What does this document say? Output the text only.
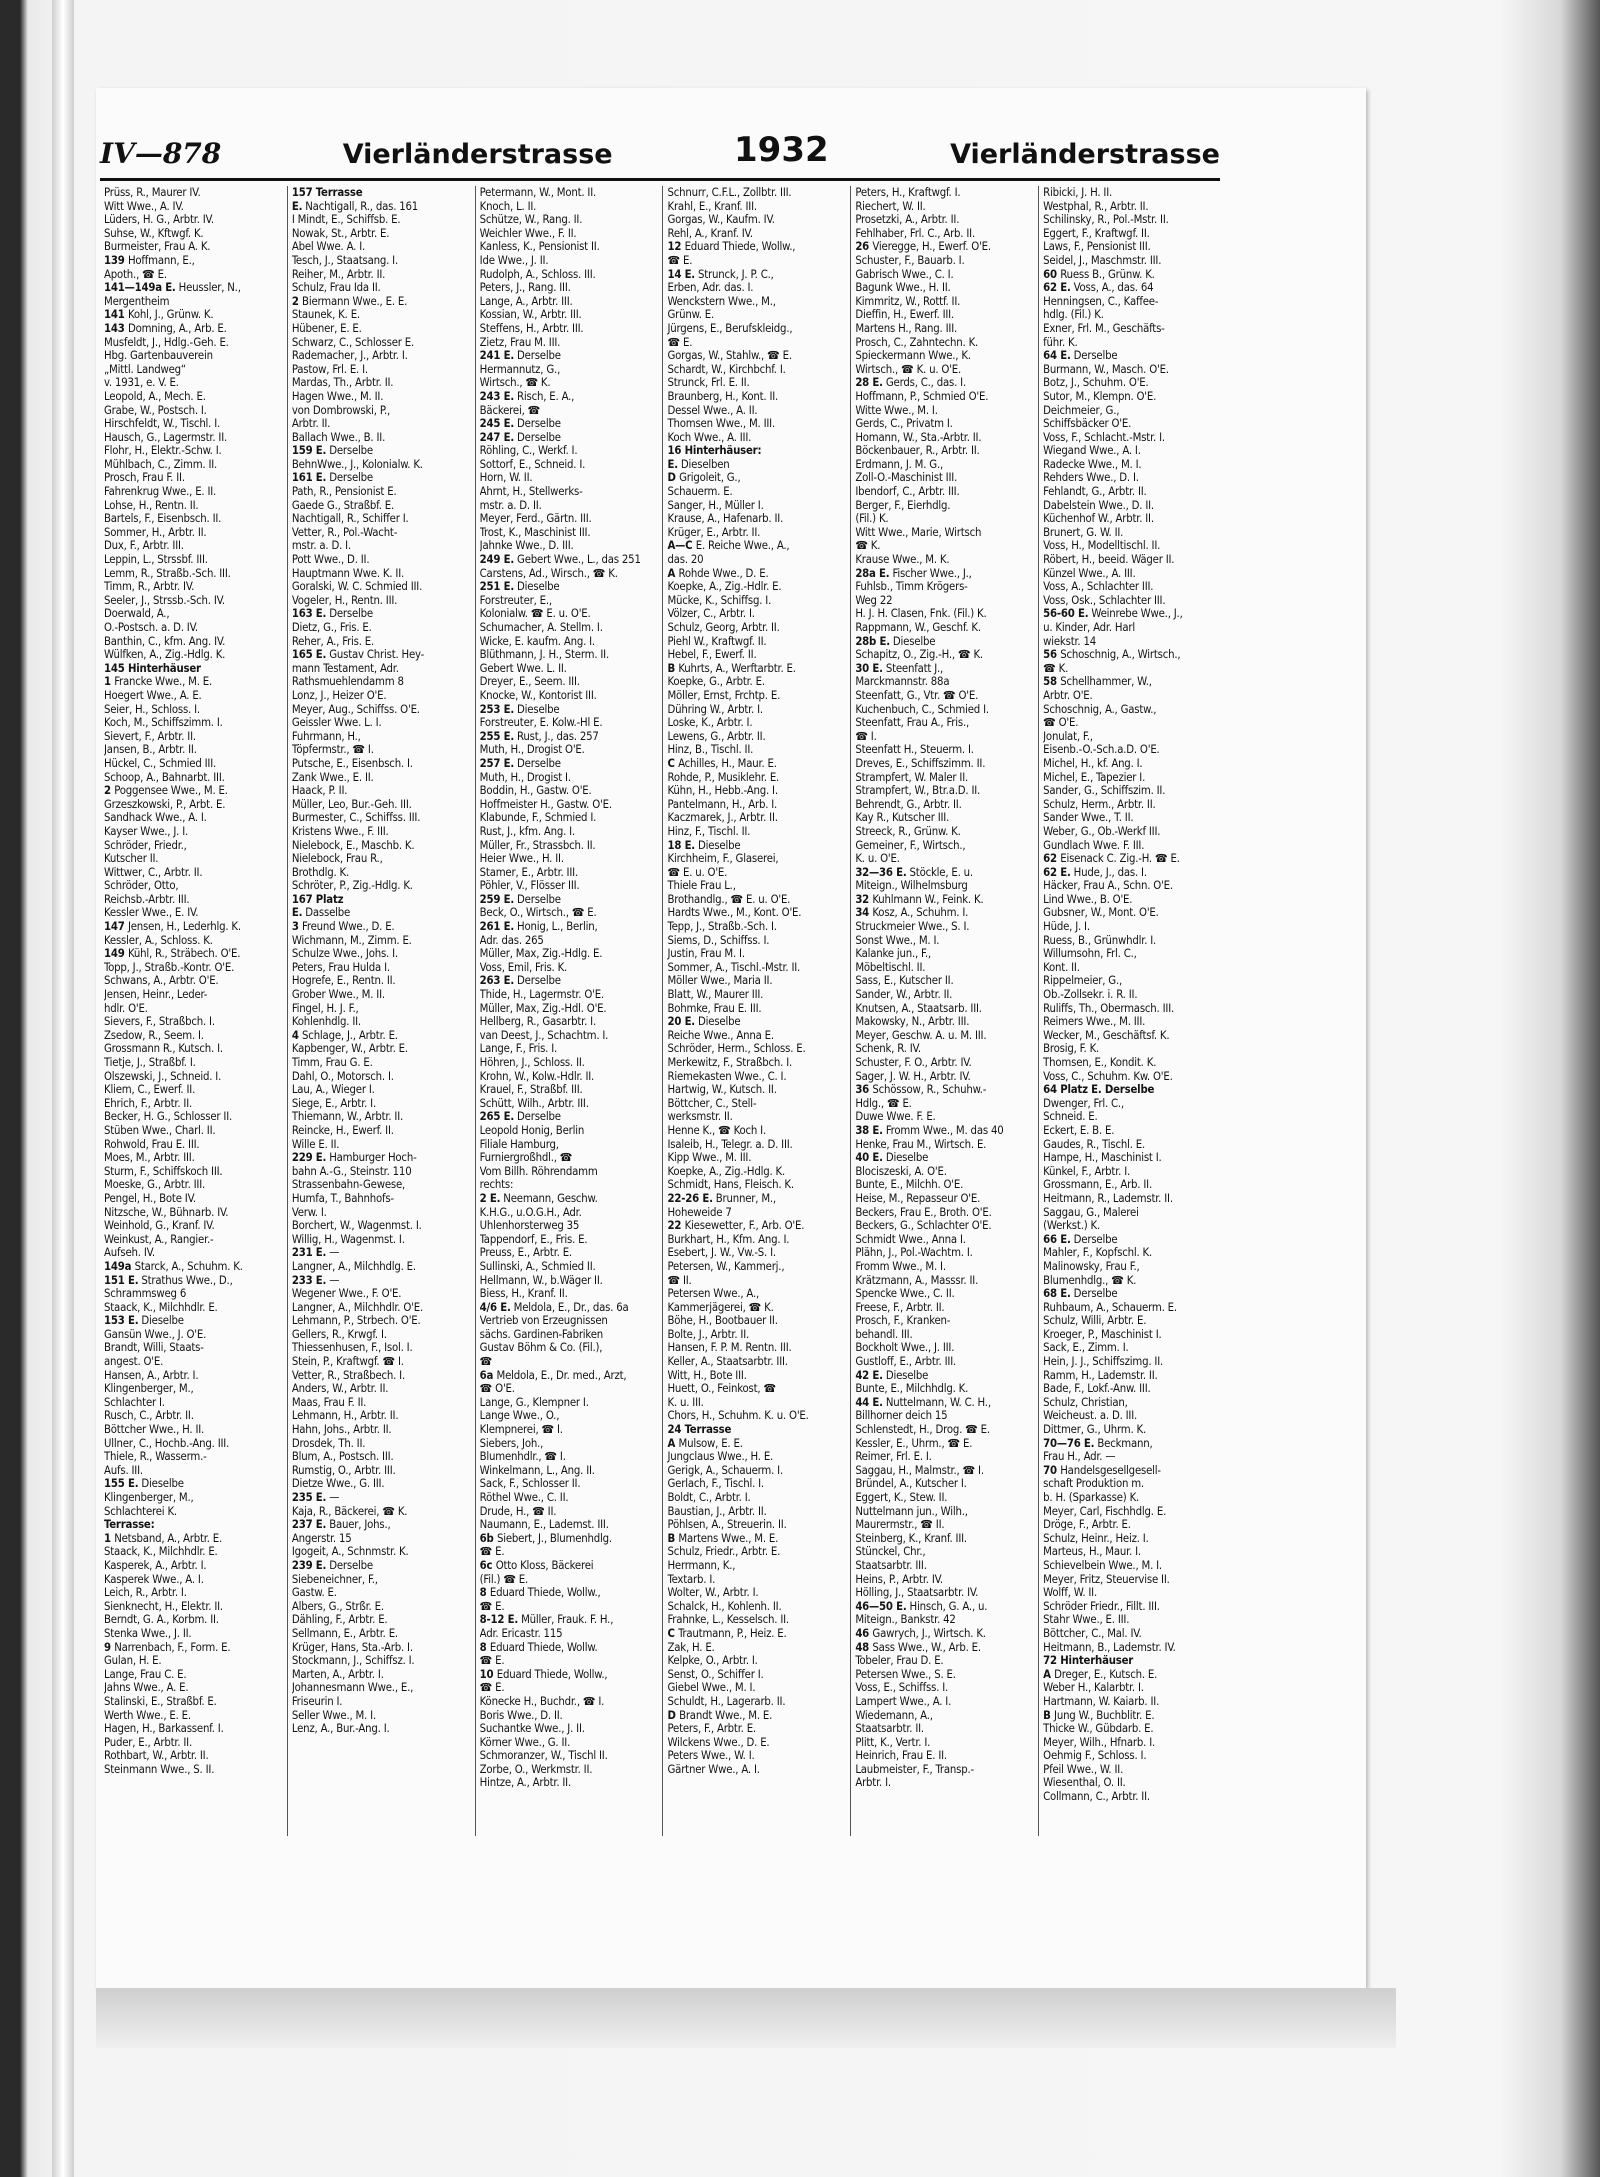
IV—878	Vierländerstrasse	1932	Vierländerstrasse
Prüss, R., Maurer IV.
Witt Wwe., A. IV.
Lüders, H. G., Arbtr. IV.
Suhse, W., Kftwgf. K.
Burmeister, Frau A. K.
139 Hoffmann, E.,
Apoth., ☎ E.
141—149a E. Heussler, N.,
Mergentheim
141 Kohl, J., Grünw. K.
143 Domning, A., Arb. E.
Musfeldt, J., Hdlg.-Geh. E.
Hbg. Gartenbauverein
„Mittl. Landweg“
v. 1931, e. V. E.
Leopold, A., Mech. E.
Grabe, W., Postsch. I.
Hirschfeldt, W., Tischl. I.
Hausch, G., Lagermstr. II.
Flohr, H., Elektr.-Schw. I.
Mühlbach, C., Zimm. II.
Prosch, Frau F. II.
Fahrenkrug Wwe., E. II.
Lohse, H., Rentn. II.
Bartels, F., Eisenbsch. II.
Sommer, H., Arbtr. II.
Dux, F., Arbtr. III.
Leppin, L., Strssbf. III.
Lemm, R., Straßb.-Sch. III.
Timm, R., Arbtr. IV.
Seeler, J., Strssb.-Sch. IV.
Doerwald, A.,
O.-Postsch. a. D. IV.
Banthin, C., kfm. Ang. IV.
Wülfken, A., Zig.-Hdlg. K.
145 Hinterhäuser
1 Francke Wwe., M. E.
Hoegert Wwe., A. E.
Seier, H., Schloss. I.
Koch, M., Schiffszimm. I.
Sievert, F., Arbtr. II.
Jansen, B., Arbtr. II.
Hückel, C., Schmied III.
Schoop, A., Bahnarbt. III.
2 Poggensee Wwe., M. E.
Grzeszkowski, P., Arbt. E.
Sandhack Wwe., A. I.
Kayser Wwe., J. I.
Schröder, Friedr.,
Kutscher II.
Wittwer, C., Arbtr. II.
Schröder, Otto,
Reichsb.-Arbtr. III.
Kessler Wwe., E. IV.
147 Jensen, H., Lederhlg. K.
Kessler, A., Schloss. K.
149 Kühl, R., Sträbech. O'E.
Topp, J., Straßb.-Kontr. O'E.
Schwans, A., Arbtr. O'E.
Jensen, Heinr., Leder-
hdlr. O'E.
Sievers, F., Straßbch. I.
Zsedow, R., Seem. I.
Grossmann R., Kutsch. I.
Tietje, J., Straßbf. I.
Olszewski, J., Schneid. I.
Kliem, C., Ewerf. II.
Ehrich, F., Arbtr. II.
Becker, H. G., Schlosser II.
Stüben Wwe., Charl. II.
Rohwold, Frau E. III.
Moes, M., Arbtr. III.
Sturm, F., Schiffskoch III.
Moeske, G., Arbtr. III.
Pengel, H., Bote IV.
Nitzsche, W., Bühnarb. IV.
Weinhold, G., Kranf. IV.
Weinkust, A., Rangier.-
Aufseh. IV.
149a Starck, A., Schuhm. K.
151 E. Strathus Wwe., D.,
Schrammsweg 6
Staack, K., Milchhdlr. E.
153 E. Dieselbe
Gansün Wwe., J. O'E.
Brandt, Willi, Staats-
angest. O'E.
Hansen, A., Arbtr. I.
Klingenberger, M.,
Schlachter I.
Rusch, C., Arbtr. II.
Böttcher Wwe., H. II.
Ullner, C., Hochb.-Ang. III.
Thiele, R., Wasserm.-
Aufs. III.
155 E. Dieselbe
Klingenberger, M.,
Schlachterei K.
Terrasse:
1 Netsband, A., Arbtr. E.
Staack, K., Milchhdlr. E.
Kasperek, A., Arbtr. I.
Kasperek Wwe., A. I.
Leich, R., Arbtr. I.
Sienknecht, H., Elektr. II.
Berndt, G. A., Korbm. II.
Stenka Wwe., J. II.
9 Narrenbach, F., Form. E.
Gulan, H. E.
Lange, Frau C. E.
Jahns Wwe., A. E.
Stalinski, E., Straßbf. E.
Werth Wwe., E. E.
Hagen, H., Barkassenf. I.
Puder, E., Arbtr. II.
Rothbart, W., Arbtr. II.
Steinmann Wwe., S. II.
157 Terrasse
E. Nachtigall, R., das. 161
I Mindt, E., Schiffsb. E.
Nowak, St., Arbtr. E.
Abel Wwe. A. I.
Tesch, J., Staatsang. I.
Reiher, M., Arbtr. II.
Schulz, Frau Ida II.
2 Biermann Wwe., E. E.
Staunek, K. E.
Hübener, E. E.
Schwarz, C., Schlosser E.
Rademacher, J., Arbtr. I.
Pastow, Frl. E. I.
Mardas, Th., Arbtr. II.
Hagen Wwe., M. II.
von Dombrowski, P.,
Arbtr. II.
Ballach Wwe., B. II.
159 E. Derselbe
BehnWwe., J., Kolonialw. K.
161 E. Derselbe
Path, R., Pensionist E.
Gaede G., Straßbf. E.
Nachtigall, R., Schiffer I.
Vetter, R., Pol.-Wacht-
mstr. a. D. I.
Pott Wwe., D. II.
Hauptmann Wwe. K. II.
Goralski, W. C. Schmied III.
Vogeler, H., Rentn. III.
163 E. Derselbe
Dietz, G., Fris. E.
Reher, A., Fris. E.
165 E. Gustav Christ. Hey-
mann Testament, Adr.
Rathsmuehlendamm 8
Lonz, J., Heizer O'E.
Meyer, Aug., Schiffss. O'E.
Geissler Wwe. L. I.
Fuhrmann, H.,
Töpfermstr., ☎ I.
Putsche, E., Eisenbsch. I.
Zank Wwe., E. II.
Haack, P. II.
Müller, Leo, Bur.-Geh. III.
Burmester, C., Schiffss. III.
Kristens Wwe., F. III.
Nielebock, E., Maschb. K.
Nielebock, Frau R.,
Brothdlg. K.
Schröter, P., Zig.-Hdlg. K.
167 Platz
E. Dasselbe
3 Freund Wwe., D. E.
Wichmann, M., Zimm. E.
Schulze Wwe., Johs. I.
Peters, Frau Hulda I.
Hogrefe, E., Rentn. II.
Grober Wwe., M. II.
Fingel, H. J. F.,
Kohlenhdlg. II.
4 Schlage, J., Arbtr. E.
Kapbenger, W., Arbtr. E.
Timm, Frau G. E.
Dahl, O., Motorsch. I.
Lau, A., Wieger I.
Siege, E., Arbtr. I.
Thiemann, W., Arbtr. II.
Reincke, H., Ewerf. II.
Wille E. II.
229 E. Hamburger Hoch-
bahn A.-G., Steinstr. 110
Strassenbahn-Gewese,
Humfa, T., Bahnhofs-
Verw. I.
Borchert, W., Wagenmst. I.
Willig, H., Wagenmst. I.
231 E. —
Langner, A., Milchhdlg. E.
233 E. —
Wegener Wwe., F. O'E.
Langner, A., Milchhdlr. O'E.
Lehmann, P., Strbech. O'E.
Gellers, R., Krwgf. I.
Thiessenhusen, F., Isol. I.
Stein, P., Kraftwgf. ☎ I.
Vetter, R., Straßbech. I.
Anders, W., Arbtr. II.
Maas, Frau F. II.
Lehmann, H., Arbtr. II.
Hahn, Johs., Arbtr. II.
Drosdek, Th. II.
Blum, A., Postsch. III.
Rumstig, O., Arbtr. III.
Dietze Wwe., G. III.
235 E. —
Kaja, R., Bäckerei, ☎ K.
237 E. Bauer, Johs.,
Angerstr. 15
Igogeit, A., Schnmstr. K.
239 E. Derselbe
Siebeneichner, F.,
Gastw. E.
Albers, G., Strßr. E.
Dähling, F., Arbtr. E.
Sellmann, E., Arbtr. E.
Krüger, Hans, Sta.-Arb. I.
Stockmann, J., Schiffsz. I.
Marten, A., Arbtr. I.
Johannesmann Wwe., E.,
Friseurin I.
Seller Wwe., M. I.
Lenz, A., Bur.-Ang. I.
Petermann, W., Mont. II.
Knoch, L. II.
Schütze, W., Rang. II.
Weichler Wwe., F. II.
Kanless, K., Pensionist II.
Ide Wwe., J. II.
Rudolph, A., Schloss. III.
Peters, J., Rang. III.
Lange, A., Arbtr. III.
Kossian, W., Arbtr. III.
Steffens, H., Arbtr. III.
Zietz, Frau M. III.
241 E. Derselbe
Hermannutz, G.,
Wirtsch., ☎ K.
243 E. Risch, E. A.,
Bäckerei, ☎
245 E. Derselbe
247 E. Derselbe
Röhling, C., Werkf. I.
Sottorf, E., Schneid. I.
Horn, W. II.
Ahrnt, H., Stellwerks-
mstr. a. D. II.
Meyer, Ferd., Gärtn. III.
Trost, K., Maschinist III.
Jahnke Wwe., D. III.
249 E. Gebert Wwe., L., das 251
Carstens, Ad., Wirsch., ☎ K.
251 E. Dieselbe
Forstreuter, E.,
Kolonialw. ☎ E. u. O'E.
Schumacher, A. Stellm. I.
Wicke, E. kaufm. Ang. I.
Blüthmann, J. H., Sterm. II.
Gebert Wwe. L. II.
Dreyer, E., Seem. III.
Knocke, W., Kontorist III.
253 E. Dieselbe
Forstreuter, E. Kolw.-Hl E.
255 E. Rust, J., das. 257
Muth, H., Drogist O'E.
257 E. Derselbe
Muth, H., Drogist I.
Boddin, H., Gastw. O'E.
Hoffmeister H., Gastw. O'E.
Klabunde, F., Schmied I.
Rust, J., kfm. Ang. I.
Müller, Fr., Strassbch. II.
Heier Wwe., H. II.
Stamer, E., Arbtr. III.
Pöhler, V., Flösser III.
259 E. Derselbe
Beck, O., Wirtsch., ☎ E.
261 E. Honig, L., Berlin,
Adr. das. 265
Müller, Max, Zig.-Hdlg. E.
Voss, Emil, Fris. K.
263 E. Derselbe
Thide, H., Lagermstr. O'E.
Müller, Max, Zig.-Hdl. O'E.
Hellberg, R., Gasarbtr. I.
van Deest, J., Schachtm. I.
Lange, F., Fris. I.
Höhren, J., Schloss. II.
Krohn, W., Kolw.-Hdlr. II.
Krauel, F., Straßbf. III.
Schütt, Wilh., Arbtr. III.
265 E. Derselbe
Leopold Honig, Berlin
Filiale Hamburg,
Furniergroßhdl., ☎
Vom Billh. Röhrendamm
rechts:
2 E. Neemann, Geschw.
K.H.G., u.O.G.H., Adr.
Uhlenhorsterweg 35
Tappendorf, E., Fris. E.
Preuss, E., Arbtr. E.
Sullinski, A., Schmied II.
Hellmann, W., b.Wäger II.
Biess, H., Kranf. II.
4/6 E. Meldola, E., Dr., das. 6a
Vertrieb von Erzeugnissen
sächs. Gardinen-Fabriken
Gustav Böhm & Co. (Fil.),
☎
6a Meldola, E., Dr. med., Arzt,
☎ O'E.
Lange, G., Klempner I.
Lange Wwe., O.,
Klempnerei, ☎ I.
Siebers, Joh.,
Blumenhdlr., ☎ I.
Winkelmann, L., Ang. II.
Sack, F., Schlosser II.
Röthel Wwe., C. II.
Drude, H., ☎ II.
Naumann, E., Lademst. III.
6b Siebert, J., Blumenhdlg.
☎ E.
6c Otto Kloss, Bäckerei
(Fil.) ☎ E.
8 Eduard Thiede, Wollw.,
☎ E.
8-12 E. Müller, Frauk. F. H.,
Adr. Ericastr. 115
8 Eduard Thiede, Wollw.
☎ E.
10 Eduard Thiede, Wollw.,
☎ E.
Könecke H., Buchdr., ☎ I.
Boris Wwe., D. II.
Suchantke Wwe., J. II.
Körner Wwe., G. II.
Schmoranzer, W., Tischl II.
Zorbe, O., Werkmstr. II.
Hintze, A., Arbtr. II.
Schnurr, C.F.L., Zollbtr. III.
Krahl, E., Kranf. III.
Gorgas, W., Kaufm. IV.
Rehl, A., Kranf. IV.
12 Eduard Thiede, Wollw.,
☎ E.
14 E. Strunck, J. P. C.,
Erben, Adr. das. I.
Wenckstern Wwe., M.,
Grünw. E.
Jürgens, E., Berufskleidg.,
☎ E.
Gorgas, W., Stahlw., ☎ E.
Schardt, W., Kirchbchf. I.
Strunck, Frl. E. II.
Braunberg, H., Kont. II.
Dessel Wwe., A. II.
Thomsen Wwe., M. III.
Koch Wwe., A. III.
16 Hinterhäuser:
E. Dieselben
D Grigoleit, G.,
Schauerm. E.
Sanger, H., Müller I.
Krause, A., Hafenarb. II.
Krüger, E., Arbtr. II.
A—C E. Reiche Wwe., A.,
das. 20
A Rohde Wwe., D. E.
Koepke, A., Zig.-Hdlr. E.
Mücke, K., Schiffsg. I.
Völzer, C., Arbtr. I.
Schulz, Georg, Arbtr. II.
Piehl W., Kraftwgf. II.
Hebel, F., Ewerf. II.
B Kuhrts, A., Werftarbtr. E.
Koepke, G., Arbtr. E.
Möller, Ernst, Frchtp. E.
Dühring W., Arbtr. I.
Loske, K., Arbtr. I.
Lewens, G., Arbtr. II.
Hinz, B., Tischl. II.
C Achilles, H., Maur. E.
Rohde, P., Musiklehr. E.
Kühn, H., Hebb.-Ang. I.
Pantelmann, H., Arb. I.
Kaczmarek, J., Arbtr. II.
Hinz, F., Tischl. II.
18 E. Dieselbe
Kirchheim, F., Glaserei,
☎ E. u. O'E.
Thiele Frau L.,
Brothandlg., ☎ E. u. O'E.
Hardts Wwe., M., Kont. O'E.
Tepp, J., Straßb.-Sch. I.
Siems, D., Schiffss. I.
Justin, Frau M. I.
Sommer, A., Tischl.-Mstr. II.
Möller Wwe., Maria II.
Blatt, W., Maurer III.
Bohmke, Frau E. III.
20 E. Dieselbe
Reiche Wwe., Anna E.
Schröder, Herm., Schloss. E.
Merkewitz, F., Straßbch. I.
Riemekasten Wwe., C. I.
Hartwig, W., Kutsch. II.
Böttcher, C., Stell-
werksmstr. II.
Henne K., ☎ Koch I.
Isaleib, H., Telegr. a. D. III.
Kipp Wwe., M. III.
Koepke, A., Zig.-Hdlg. K.
Schmidt, Hans, Fleisch. K.
22-26 E. Brunner, M.,
Hoheweide 7
22 Kiesewetter, F., Arb. O'E.
Burkhart, H., Kfm. Ang. I.
Esebert, J. W., Vw.-S. I.
Petersen, W., Kammerj.,
☎ II.
Petersen Wwe., A.,
Kammerjägerei, ☎ K.
Böhe, H., Bootbauer II.
Bolte, J., Arbtr. II.
Hansen, F. P. M. Rentn. III.
Keller, A., Staatsarbtr. III.
Witt, H., Bote III.
Huett, O., Feinkost, ☎
K. u. III.
Chors, H., Schuhm. K. u. O'E.
24 Terrasse
A Mulsow, E. E.
Jungclaus Wwe., H. E.
Gerigk, A., Schauerm. I.
Gerlach, F., Tischl. I.
Boldt, C., Arbtr. I.
Baustian, J., Arbtr. II.
Pöhlsen, A., Streuerin. II.
B Martens Wwe., M. E.
Schulz, Friedr., Arbtr. E.
Herrmann, K.,
Textarb. I.
Wolter, W., Arbtr. I.
Schalck, H., Kohlenh. II.
Frahnke, L., Kesselsch. II.
C Trautmann, P., Heiz. E.
Zak, H. E.
Kelpke, O., Arbtr. I.
Senst, O., Schiffer I.
Giebel Wwe., M. I.
Schuldt, H., Lagerarb. II.
D Brandt Wwe., M. E.
Peters, F., Arbtr. E.
Wilckens Wwe., D. E.
Peters Wwe., W. I.
Gärtner Wwe., A. I.
Peters, H., Kraftwgf. I.
Riechert, W. II.
Prosetzki, A., Arbtr. II.
Fehlhaber, Frl. C., Arb. II.
26 Viereggе, H., Ewerf. O'E.
Schuster, F., Bauarb. I.
Gabrisch Wwe., C. I.
Bagunk Wwe., H. II.
Kimmritz, W., Rottf. II.
Dieffin, H., Ewerf. III.
Martens H., Rang. III.
Prosch, C., Zahntechn. K.
Spieckermann Wwe., K.
Wirtsch., ☎ K. u. O'E.
28 E. Gerds, C., das. I.
Hoffmann, P., Schmied O'E.
Witte Wwe., M. I.
Gerds, C., Privatm I.
Homann, W., Sta.-Arbtr. II.
Böckenbauer, R., Arbtr. II.
Erdmann, J. M. G.,
Zoll-O.-Maschinist III.
Ibendorf, C., Arbtr. III.
Berger, F., Eierhdlg.
(Fil.) K.
Witt Wwe., Marie, Wirtsch
☎ K.
Krause Wwe., M. K.
28a E. Fischer Wwe., J.,
Fuhlsb., Timm Krögers-
Weg 22
H. J. H. Clasen, Fnk. (Fil.) K.
Rappmann, W., Geschf. K.
28b E. Dieselbe
Schapitz, O., Zig.-H., ☎ K.
30 E. Steenfatt J.,
Marckmannstr. 88a
Steenfatt, G., Vtr. ☎ O'E.
Kuchenbuch, C., Schmied I.
Steenfatt, Frau A., Fris.,
☎ I.
Steenfatt H., Steuerm. I.
Dreves, E., Schiffszimm. II.
Strampfert, W. Maler II.
Strampfert, W., Btr.a.D. II.
Behrendt, G., Arbtr. II.
Kay R., Kutscher III.
Streeck, R., Grünw. K.
Gemeiner, F., Wirtsch.,
K. u. O'E.
32—36 E. Stöckle, E. u.
Miteign., Wilhelmsburg
32 Kuhlmann W., Feink. K.
34 Kosz, A., Schuhm. I.
Struckmeier Wwe., S. I.
Sonst Wwe., M. I.
Kalanke jun., F.,
Möbeltischl. II.
Sass, E., Kutscher II.
Sander, W., Arbtr. II.
Knutsen, A., Staatsarb. III.
Makowsky, N., Arbtr. III.
Meyer, Geschw. A. u. M. III.
Schenk, R. IV.
Schuster, F. O., Arbtr. IV.
Sager, J. W. H., Arbtr. IV.
36 Schössow, R., Schuhw.-
Hdlg., ☎ E.
Duwe Wwe. F. E.
38 E. Fromm Wwe., M. das 40
Henke, Frau M., Wirtsch. E.
40 E. Dieselbe
Blociszeski, A. O'E.
Bunte, E., Milchh. O'E.
Heise, M., Repasseur O'E.
Beckers, Frau E., Broth. O'E.
Beckers, G., Schlachter O'E.
Schmidt Wwe., Anna I.
Plähn, J., Pol.-Wachtm. I.
Fromm Wwe., M. I.
Krätzmann, A., Masssr. II.
Spencke Wwe., C. II.
Freese, F., Arbtr. II.
Prosch, F., Kranken-
behandl. III.
Bockholt Wwe., J. III.
Gustloff, E., Arbtr. III.
42 E. Dieselbe
Bunte, E., Milchhdlg. K.
44 E. Nuttelmann, W. C. H.,
Billhorner deich 15
Schlenstedt, H., Drog. ☎ E.
Kessler, E., Uhrm., ☎ E.
Reimer, Frl. E. I.
Saggau, H., Malmstr., ☎ I.
Bründel, A., Kutscher I.
Eggert, K., Stew. II.
Nuttelmann jun., Wilh.,
Maurermstr., ☎ II.
Steinberg, K., Kranf. III.
Stünckel, Chr.,
Staatsarbtr. III.
Heins, P., Arbtr. IV.
Hölling, J., Staatsarbtr. IV.
46—50 E. Hinsch, G. A., u.
Miteign., Bankstr. 42
46 Gawrych, J., Wirtsch. K.
48 Sass Wwe., W., Arb. E.
Tobeler, Frau D. E.
Petersen Wwe., S. E.
Voss, E., Schiffss. I.
Lampert Wwe., A. I.
Wiedemann, A.,
Staatsarbtr. II.
Plitt, K., Vertr. I.
Heinrich, Frau E. II.
Laubmeister, F., Transp.-
Arbtr. I.
Ribicki, J. H. II.
Westphal, R., Arbtr. II.
Schilinsky, R., Pol.-Mstr. II.
Eggert, F., Kraftwgf. II.
Laws, F., Pensionist III.
Seidel, J., Maschmstr. III.
60 Ruess B., Grünw. K.
62 E. Voss, A., das. 64
Henningsen, C., Kaffee-
hdlg. (Fil.) K.
Exner, Frl. M., Geschäfts-
führ. K.
64 E. Derselbe
Burmann, W., Masch. O'E.
Botz, J., Schuhm. O'E.
Sutor, M., Klempn. O'E.
Deichmeier, G.,
Schiffsbäcker O'E.
Voss, F., Schlacht.-Mstr. I.
Wiegand Wwe., A. I.
Radecke Wwe., M. I.
Rehders Wwe., D. I.
Fehlandt, G., Arbtr. II.
Dabelstein Wwe., D. II.
Küchenhof W., Arbtr. II.
Brunert, G. W. II.
Voss, H., Modelltischl. II.
Röbert, H., beeid. Wäger II.
Künzel Wwe., A. III.
Voss, A., Schlachter III.
Voss, Osk., Schlachter III.
56-60 E. Weinrebe Wwe., J.,
u. Kinder, Adr. Harl
wiekstr. 14
56 Schoschnig, A., Wirtsch.,
☎ K.
58 Schellhammer, W.,
Arbtr. O'E.
Schoschnig, A., Gastw.,
☎ O'E.
Jonulat, F.,
Eisenb.-O.-Sch.a.D. O'E.
Michel, H., kf. Ang. I.
Michel, E., Tapezier I.
Sander, G., Schiffszim. II.
Schulz, Herm., Arbtr. II.
Sander Wwe., T. II.
Weber, G., Ob.-Werkf III.
Gundlach Wwe. F. III.
62 Eisenack C. Zig.-H. ☎ E.
62 E. Hude, J., das. I.
Häcker, Frau A., Schn. O'E.
Lind Wwe., B. O'E.
Gubsner, W., Mont. O'E.
Hüde, J. I.
Ruess, B., Grünwhdlr. I.
Willumsohn, Frl. C.,
Kont. II.
Rippelmeier, G.,
Ob.-Zollsekr. i. R. II.
Ruliffs, Th., Obermasch. III.
Reimers Wwe., M. III.
Wecker, M., Geschäftsf. K.
Brosig, F. K.
Thomsen, E., Kondit. K.
Voss, C., Schuhm. Kw. O'E.
64 Platz E. Derselbe
Dwenger, Frl. C.,
Schneid. E.
Eckert, E. B. E.
Gaudes, R., Tischl. E.
Hampe, H., Maschinist I.
Künkel, F., Arbtr. I.
Grossmann, E., Arb. II.
Heitmann, R., Lademstr. II.
Saggau, G., Malerei
(Werkst.) K.
66 E. Derselbe
Mahler, F., Kopfschl. K.
Malinowsky, Frau F.,
Blumenhdlg., ☎ K.
68 E. Derselbe
Ruhbaum, A., Schauerm. E.
Schulz, Willi, Arbtr. E.
Kroeger, P., Maschinist I.
Sack, E., Zimm. I.
Hein, J. J., Schiffszimg. II.
Ramm, H., Lademstr. II.
Bade, F., Lokf.-Anw. III.
Schulz, Christian,
Weicheust. a. D. III.
Dittmer, G., Uhrm. K.
70—76 E. Beckmann,
Frau H., Adr. —
70 Handelsgesellgesell-
schaft Produktion m.
b. H. (Sparkasse) K.
Meyer, Carl, Fischhdlg. E.
Dröge, F., Arbtr. E.
Schulz, Heinr., Heiz. I.
Marteus, H., Maur. I.
Schievelbein Wwe., M. I.
Meyer, Fritz, Steuervise II.
Wolff, W. II.
Schröder Friedr., Fillt. III.
Stahr Wwe., E. III.
Böttcher, C., Mal. IV.
Heitmann, B., Lademstr. IV.
72 Hinterhäuser
A Dreger, E., Kutsch. E.
Weber H., Kalarbtr. I.
Hartmann, W. Kaiarb. II.
B Jung W., Buchblitr. E.
Thicke W., Gübdarb. E.
Meyer, Wilh., Hfnarb. I.
Oehmig F., Schloss. I.
Pfeil Wwe., W. II.
Wiesenthal, O. II.
Collmann, C., Arbtr. II.
